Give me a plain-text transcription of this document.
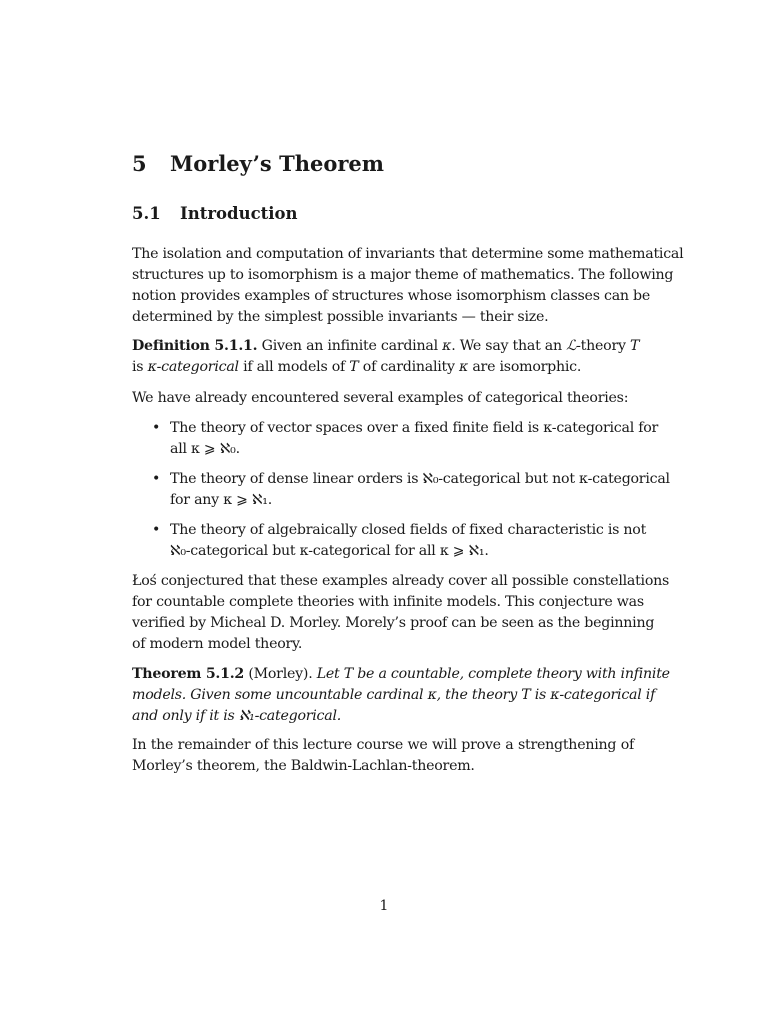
5 Morley’s Theorem
5.1 Introduction
The isolation and computation of invariants that determine some mathematical
structures up to isomorphism is a major theme of mathematics. The following
notion provides examples of structures whose isomorphism classes can be
determined by the simplest possible invariants — their size.
Definition 5.1.1. Given an infinite cardinal κ. We say that an ℒ-theory T
is κ-categorical if all models of T of cardinality κ are isomorphic.
We have already encountered several examples of categorical theories:
• The theory of vector spaces over a fixed finite field is κ-categorical for
all κ ⩾ ℵ₀.
• The theory of dense linear orders is ℵ₀-categorical but not κ-categorical
for any κ ⩾ ℵ₁.
• The theory of algebraically closed fields of fixed characteristic is not
ℵ₀-categorical but κ-categorical for all κ ⩾ ℵ₁.
Łoś conjectured that these examples already cover all possible constellations
for countable complete theories with infinite models. This conjecture was
verified by Micheal D. Morley. Morely’s proof can be seen as the beginning
of modern model theory.
Theorem 5.1.2 (Morley). Let T be a countable, complete theory with infinite
models. Given some uncountable cardinal κ, the theory T is κ-categorical if
and only if it is ℵ₁-categorical.
In the remainder of this lecture course we will prove a strengthening of
Morley’s theorem, the Baldwin-Lachlan-theorem.
1
